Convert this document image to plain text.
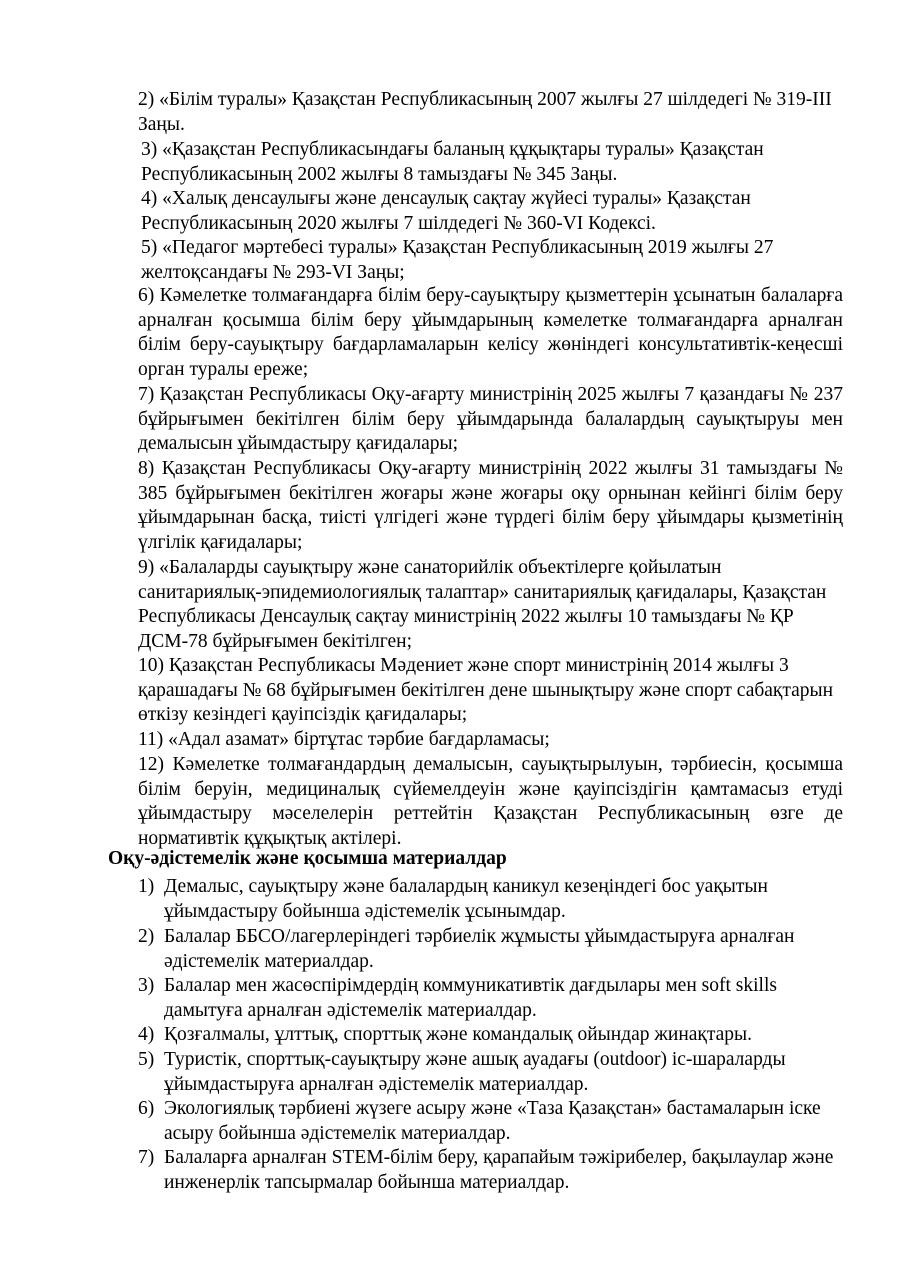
2) «Білім туралы» Қазақстан Республикасының 2007 жылғы 27 шілдедегі № 319-III Заңы.

3) «Қазақстан Республикасындағы баланың құқықтары туралы» Қазақстан Республикасының 2002 жылғы 8 тамыздағы № 345 Заңы.

4) «Халық денсаулығы және денсаулық сақтау жүйесі туралы» Қазақстан Республикасының 2020 жылғы 7 шілдедегі № 360-VI Кодексі.

5) «Педагог мәртебесі туралы» Қазақстан Республикасының 2019 жылғы 27 желтоқсандағы № 293-VI Заңы;

6) Кәмелетке толмағандарға білім беру-сауықтыру қызметтерін ұсынатын балаларға арналған қосымша білім беру ұйымдарының кәмелетке толмағандарға арналған білім беру-сауықтыру бағдарламаларын келісу жөніндегі консультативтік-кеңесші орган туралы ереже;

7) Қазақстан Республикасы Оқу-ағарту министрінің 2025 жылғы 7 қазандағы № 237 бұйрығымен бекітілген білім беру ұйымдарында балалардың сауықтыруы мен демалысын ұйымдастыру қағидалары;

8) Қазақстан Республикасы Оқу-ағарту министрінің 2022 жылғы 31 тамыздағы № 385 бұйрығымен бекітілген жоғары және жоғары оқу орнынан кейінгі білім беру ұйымдарынан басқа, тиісті үлгідегі және түрдегі білім беру ұйымдары қызметінің үлгілік қағидалары;

9) «Балаларды сауықтыру және санаторийлік объектілерге қойылатын санитариялық-эпидемиологиялық талаптар» санитариялық қағидалары, Қазақстан Республикасы Денсаулық сақтау министрінің 2022 жылғы 10 тамыздағы № ҚР ДСМ-78 бұйрығымен бекітілген;

10) Қазақстан Республикасы Мәдениет және спорт министрінің 2014 жылғы 3 қарашадағы № 68 бұйрығымен бекітілген дене шынықтыру және спорт сабақтарын өткізу кезіндегі қауіпсіздік қағидалары;

11) «Адал азамат» біртұтас тәрбие бағдарламасы;

12) Кәмелетке толмағандардың демалысын, сауықтырылуын, тәрбиесін, қосымша білім беруін, медициналық сүйемелдеуін және қауіпсіздігін қамтамасыз етуді ұйымдастыру мәселелерін реттейтін Қазақстан Республикасының өзге де нормативтік құқықтық актілері.

Оқу-әдістемелік және қосымша материалдар

1) Демалыс, сауықтыру және балалардың каникул кезеңіндегі бос уақытын ұйымдастыру бойынша әдістемелік ұсынымдар.
2) Балалар ББСО/лагерлеріндегі тәрбиелік жұмысты ұйымдастыруға арналған әдістемелік материалдар.
3) Балалар мен жасөспірімдердің коммуникативтік дағдылары мен soft skills дамытуға арналған әдістемелік материалдар.
4) Қозғалмалы, ұлттық, спорттық және командалық ойындар жинақтары.
5) Туристік, спорттық-сауықтыру және ашық ауадағы (outdoor) іс-шараларды ұйымдастыруға арналған әдістемелік материалдар.
6) Экологиялық тәрбиені жүзеге асыру және «Таза Қазақстан» бастамаларын іске асыру бойынша әдістемелік материалдар.
7) Балаларға арналған STEM-білім беру, қарапайым тәжірибелер, бақылаулар және инженерлік тапсырмалар бойынша материалдар.
